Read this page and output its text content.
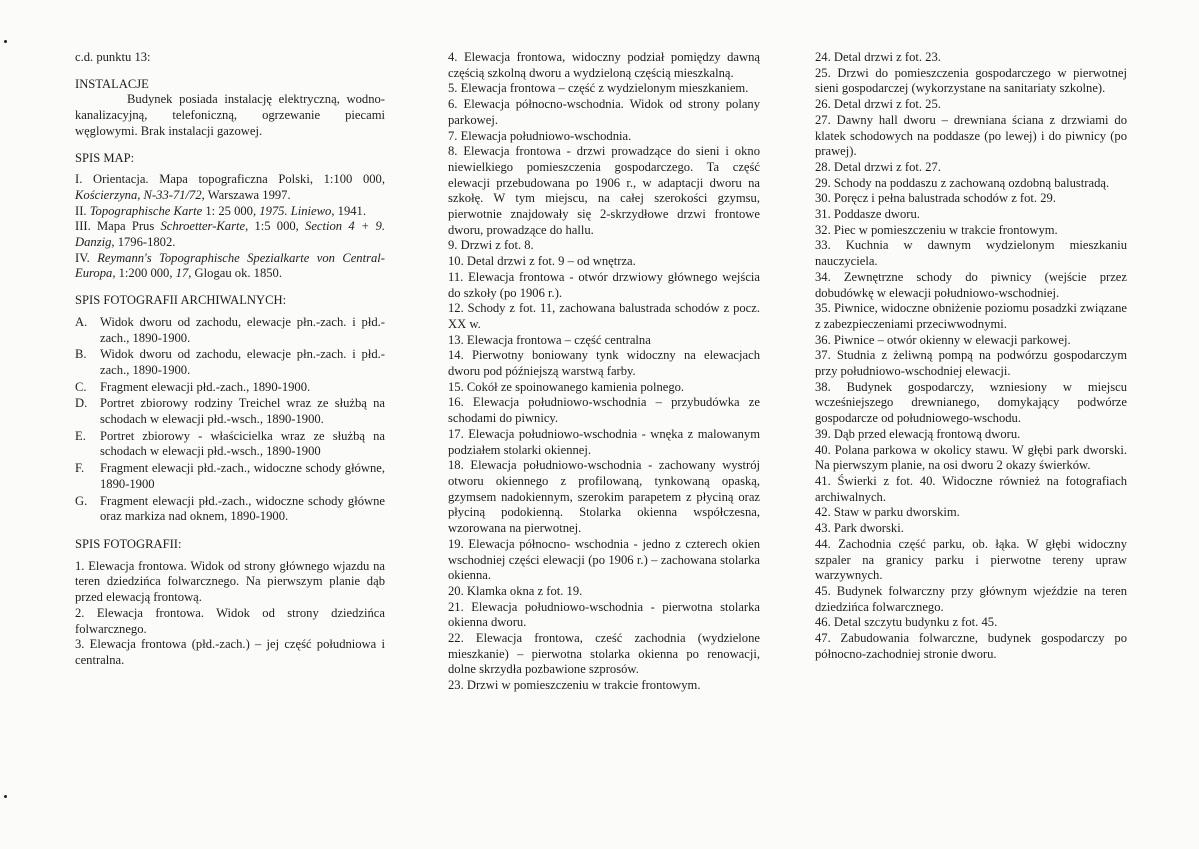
c.d. punktu 13:

INSTALACJE

Budynek posiada instalację elektryczną, wodno-kanalizacyjną, telefoniczną, ogrzewanie piecami węglowymi. Brak instalacji gazowej.

SPIS MAP:

I. Orientacja. Mapa topograficzna Polski, 1:100 000, Kościerzyna, N-33-71/72, Warszawa 1997.

II. Topographische Karte 1: 25 000, 1975. Liniewo, 1941.

III. Mapa Prus Schroetter-Karte, 1:5 000, Section 4 + 9. Danzig, 1796-1802.

IV. Reymann's Topographische Spezialkarte von Central-Europa, 1:200 000, 17, Glogau ok. 1850.

SPIS FOTOGRAFII ARCHIWALNYCH:

A.	Widok dworu od zachodu, elewacje płn.-zach. i płd.-zach., 1890-1900.
B.	Widok dworu od zachodu, elewacje płn.-zach. i płd.-zach., 1890-1900.
C.	Fragment elewacji płd.-zach., 1890-1900.
D.	Portret zbiorowy rodziny Treichel wraz ze służbą na schodach w elewacji płd.-wsch., 1890-1900.
E.	Portret zbiorowy - właścicielka wraz ze służbą na schodach w elewacji płd.-wsch., 1890-1900
F.	Fragment elewacji płd.-zach., widoczne schody główne, 1890-1900
G.	Fragment elewacji płd.-zach., widoczne schody główne oraz markiza nad oknem, 1890-1900.

SPIS FOTOGRAFII:

1. Elewacja frontowa. Widok od strony głównego wjazdu na teren dziedzińca folwarcznego. Na pierwszym planie dąb przed elewacją frontową.

2. Elewacja frontowa. Widok od strony dziedzińca folwarcznego.

3. Elewacja frontowa (płd.-zach.) – jej część południowa i centralna.

4. Elewacja frontowa, widoczny podział pomiędzy dawną częścią szkolną dworu a wydzieloną częścią mieszkalną.

5. Elewacja frontowa – część z wydzielonym mieszkaniem.

6. Elewacja północno-wschodnia. Widok od strony polany parkowej.

7. Elewacja południowo-wschodnia.

8. Elewacja frontowa - drzwi prowadzące do sieni i okno niewielkiego pomieszczenia gospodarczego. Ta część elewacji przebudowana po 1906 r., w adaptacji dworu na szkołę. W tym miejscu, na całej szerokości gzymsu, pierwotnie znajdowały się 2-skrzydłowe drzwi frontowe dworu, prowadzące do hallu.

9. Drzwi z fot. 8.

10. Detal drzwi z fot. 9 – od wnętrza.

11. Elewacja frontowa - otwór drzwiowy głównego wejścia do szkoły (po 1906 r.).

12. Schody z fot. 11, zachowana balustrada schodów z pocz. XX w.

13. Elewacja frontowa – część centralna

14. Pierwotny boniowany tynk widoczny na elewacjach dworu pod późniejszą warstwą farby.

15. Cokół ze spoinowanego kamienia polnego.

16. Elewacja południowo-wschodnia – przybudówka ze schodami do piwnicy.

17. Elewacja południowo-wschodnia - wnęka z malowanym podziałem stolarki okiennej.

18. Elewacja południowo-wschodnia - zachowany wystrój otworu okiennego z profilowaną, tynkowaną opaską, gzymsem nadokiennym, szerokim parapetem z płyciną oraz płyciną podokienną. Stolarka okienna współczesna, wzorowana na pierwotnej.

19. Elewacja północno- wschodnia - jedno z czterech okien wschodniej części elewacji (po 1906 r.) – zachowana stolarka okienna.

20. Klamka okna z fot. 19.

21. Elewacja południowo-wschodnia - pierwotna stolarka okienna dworu.

22. Elewacja frontowa, cześć zachodnia (wydzielone mieszkanie) – pierwotna stolarka okienna po renowacji, dolne skrzydła pozbawione szprosów.

23. Drzwi w pomieszczeniu w trakcie frontowym.

24. Detal drzwi z fot. 23.

25. Drzwi do pomieszczenia gospodarczego w pierwotnej sieni gospodarczej (wykorzystane na sanitariaty szkolne).

26. Detal drzwi z fot. 25.

27. Dawny hall dworu – drewniana ściana z drzwiami do klatek schodowych na poddasze (po lewej) i do piwnicy (po prawej).

28. Detal drzwi z fot. 27.

29. Schody na poddaszu z zachowaną ozdobną balustradą.

30. Poręcz i pełna balustrada schodów z fot. 29.

31. Poddasze dworu.

32. Piec w pomieszczeniu w trakcie frontowym.

33. Kuchnia w dawnym wydzielonym mieszkaniu nauczyciela.

34. Zewnętrzne schody do piwnicy (wejście przez dobudówkę w elewacji południowo-wschodniej.

35. Piwnice, widoczne obniżenie poziomu posadzki związane z zabezpieczeniami przeciwwodnymi.

36. Piwnice – otwór okienny w elewacji parkowej.

37. Studnia z żeliwną pompą na podwórzu gospodarczym przy południowo-wschodniej elewacji.

38. Budynek gospodarczy, wzniesiony w miejscu wcześniejszego drewnianego, domykający podwórze gospodarcze od południowego-wschodu.

39. Dąb przed elewacją frontową dworu.

40. Polana parkowa w okolicy stawu. W głębi park dworski. Na pierwszym planie, na osi dworu 2 okazy świerków.

41. Świerki z fot. 40. Widoczne również na fotografiach archiwalnych.

42. Staw w parku dworskim.

43. Park dworski.

44. Zachodnia część parku, ob. łąka. W głębi widoczny szpaler na granicy parku i pierwotne tereny upraw warzywnych.

45. Budynek folwarczny przy głównym wjeździe na teren dziedzińca folwarcznego.

46. Detal szczytu budynku z fot. 45.

47. Zabudowania folwarczne, budynek gospodarczy po północno-zachodniej stronie dworu.
